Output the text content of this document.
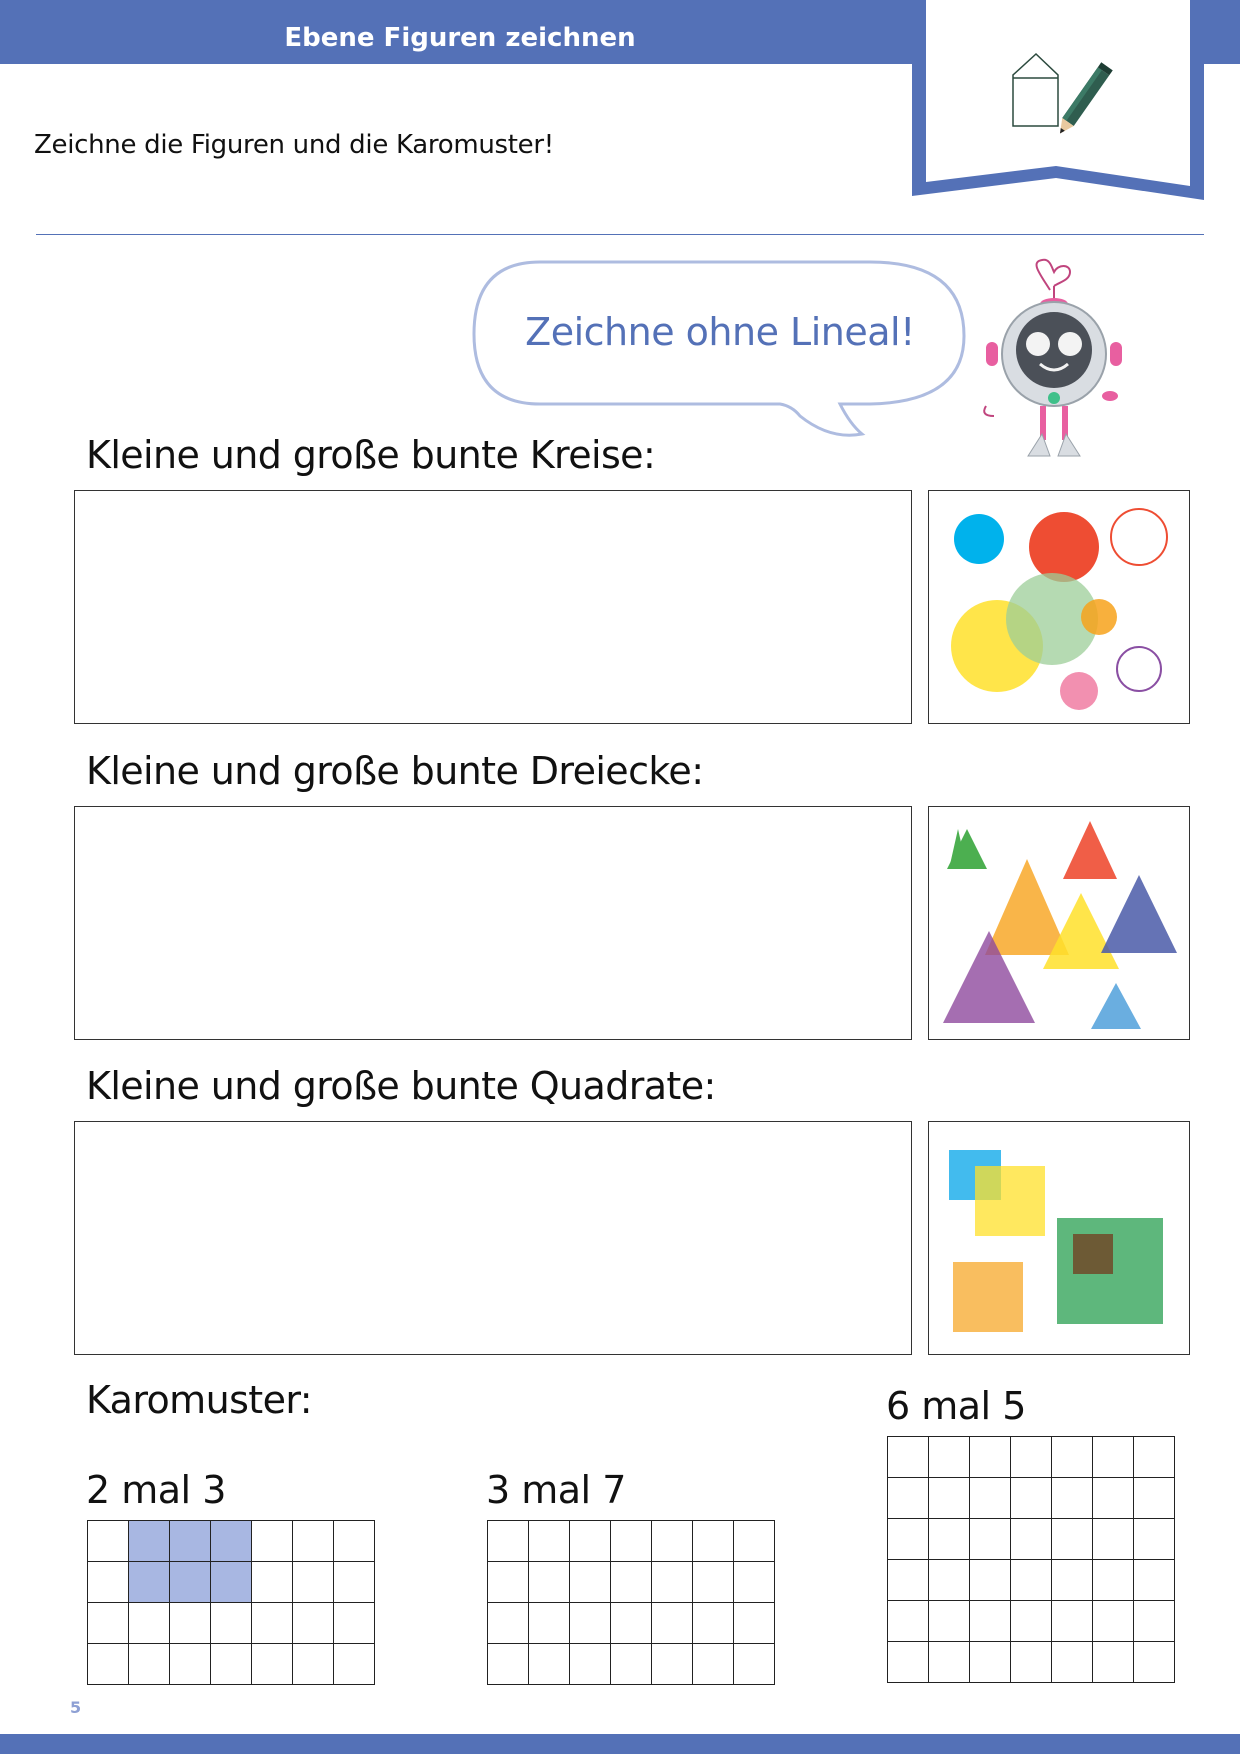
Ebene Figuren zeichnen
Zeichne die Figuren und die Karomuster!
Zeichne ohne Lineal!
Kleine und große bunte Kreise:
Kleine und große bunte Dreiecke:
Kleine und große bunte Quadrate:
Karomuster:
2 mal 3	3 mal 7
6 mal 5
5
